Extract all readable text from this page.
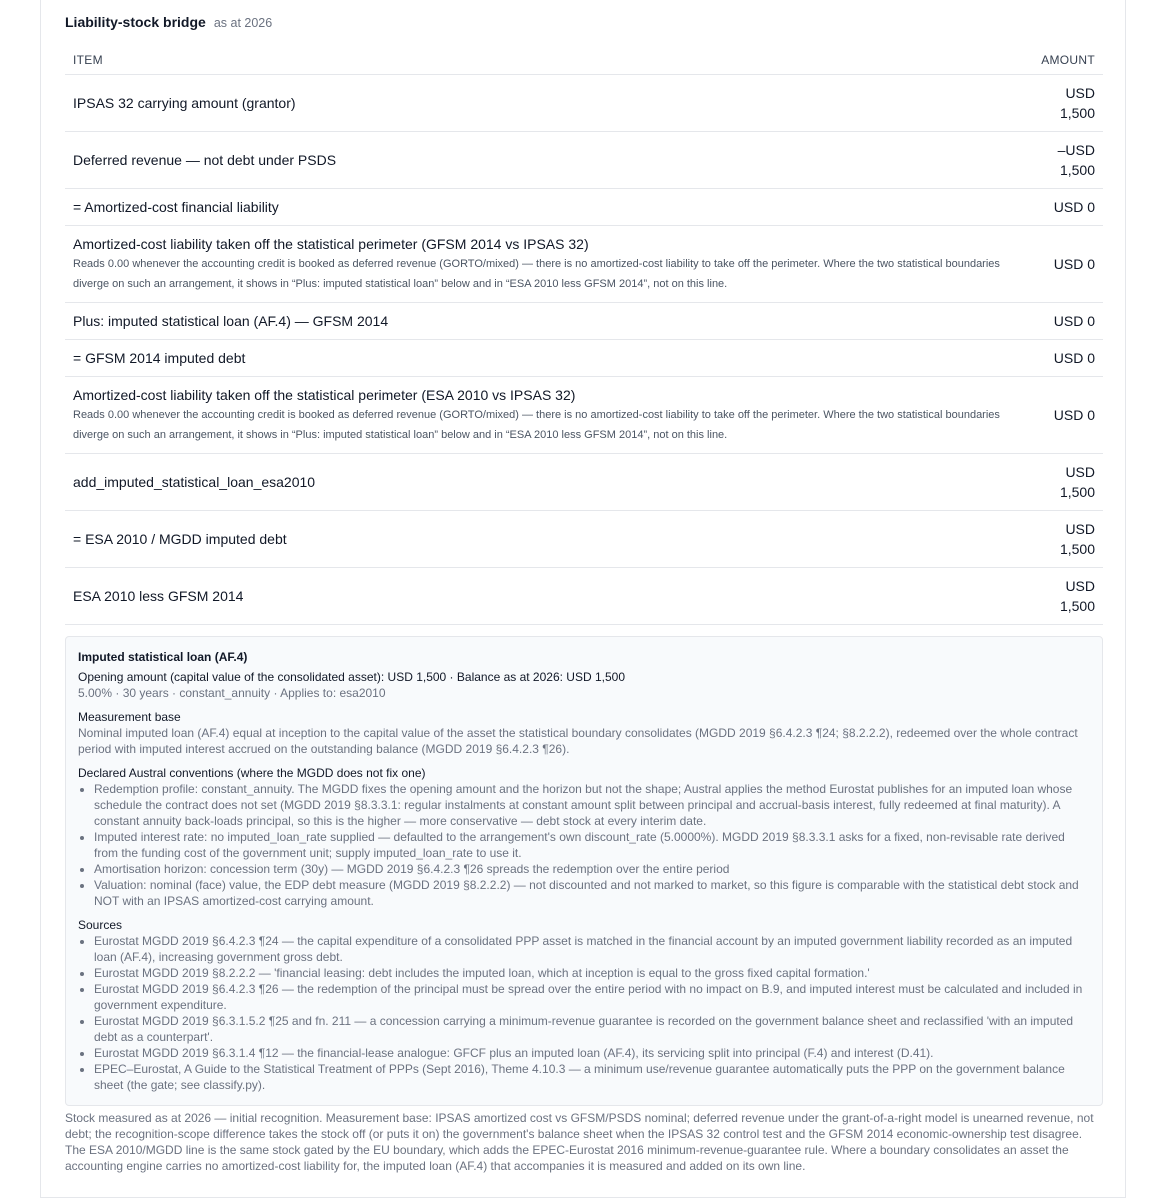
Liability-stock bridge as at 2026
ITEM	AMOUNT

IPSAS 32 carrying amount (grantor)	USD
1,500

Deferred revenue — not debt under PSDS	–USD
1,500

= Amortized-cost financial liability	USD 0

Amortized-cost liability taken off the statistical perimeter (GFSM 2014 vs IPSAS 32)
Reads 0.00 whenever the accounting credit is booked as deferred revenue (GORTO/mixed) — there is no amortized-cost liability to take off the perimeter. Where the two statistical boundaries diverge on such an arrangement, it shows in “Plus: imputed statistical loan” below and in “ESA 2010 less GFSM 2014”, not on this line.	USD 0

Plus: imputed statistical loan (AF.4) — GFSM 2014	USD 0

= GFSM 2014 imputed debt	USD 0

Amortized-cost liability taken off the statistical perimeter (ESA 2010 vs IPSAS 32)
Reads 0.00 whenever the accounting credit is booked as deferred revenue (GORTO/mixed) — there is no amortized-cost liability to take off the perimeter. Where the two statistical boundaries diverge on such an arrangement, it shows in “Plus: imputed statistical loan” below and in “ESA 2010 less GFSM 2014”, not on this line.	USD 0

add_imputed_statistical_loan_esa2010	USD
1,500

= ESA 2010 / MGDD imputed debt	USD
1,500

ESA 2010 less GFSM 2014	USD
1,500
Imputed statistical loan (AF.4)
Opening amount (capital value of the consolidated asset): USD 1,500 · Balance as at 2026: USD 1,500
5.00% · 30 years · constant_annuity · Applies to: esa2010
Measurement base
Nominal imputed loan (AF.4) equal at inception to the capital value of the asset the statistical boundary consolidates (MGDD 2019 §6.4.2.3 ¶24; §8.2.2.2), redeemed over the whole contract period with imputed interest accrued on the outstanding balance (MGDD 2019 §6.4.2.3 ¶26).
Declared Austral conventions (where the MGDD does not fix one)
• Redemption profile: constant_annuity. The MGDD fixes the opening amount and the horizon but not the shape; Austral applies the method Eurostat publishes for an imputed loan whose schedule the contract does not set (MGDD 2019 §8.3.3.1: regular instalments at constant amount split between principal and accrual-basis interest, fully redeemed at final maturity). A constant annuity back-loads principal, so this is the higher — more conservative — debt stock at every interim date.
• Imputed interest rate: no imputed_loan_rate supplied — defaulted to the arrangement's own discount_rate (5.0000%). MGDD 2019 §8.3.3.1 asks for a fixed, non-revisable rate derived from the funding cost of the government unit; supply imputed_loan_rate to use it.
• Amortisation horizon: concession term (30y) — MGDD 2019 §6.4.2.3 ¶26 spreads the redemption over the entire period
• Valuation: nominal (face) value, the EDP debt measure (MGDD 2019 §8.2.2.2) — not discounted and not marked to market, so this figure is comparable with the statistical debt stock and NOT with an IPSAS amortized-cost carrying amount.
Sources
• Eurostat MGDD 2019 §6.4.2.3 ¶24 — the capital expenditure of a consolidated PPP asset is matched in the financial account by an imputed government liability recorded as an imputed loan (AF.4), increasing government gross debt.
• Eurostat MGDD 2019 §8.2.2.2 — 'financial leasing: debt includes the imputed loan, which at inception is equal to the gross fixed capital formation.'
• Eurostat MGDD 2019 §6.4.2.3 ¶26 — the redemption of the principal must be spread over the entire period with no impact on B.9, and imputed interest must be calculated and included in government expenditure.
• Eurostat MGDD 2019 §6.3.1.5.2 ¶25 and fn. 211 — a concession carrying a minimum-revenue guarantee is recorded on the government balance sheet and reclassified 'with an imputed debt as a counterpart'.
• Eurostat MGDD 2019 §6.3.1.4 ¶12 — the financial-lease analogue: GFCF plus an imputed loan (AF.4), its servicing split into principal (F.4) and interest (D.41).
• EPEC–Eurostat, A Guide to the Statistical Treatment of PPPs (Sept 2016), Theme 4.10.3 — a minimum use/revenue guarantee automatically puts the PPP on the government balance sheet (the gate; see classify.py).
Stock measured as at 2026 — initial recognition. Measurement base: IPSAS amortized cost vs GFSM/PSDS nominal; deferred revenue under the grant-of-a-right model is unearned revenue, not debt; the recognition-scope difference takes the stock off (or puts it on) the government's balance sheet when the IPSAS 32 control test and the GFSM 2014 economic-ownership test disagree. The ESA 2010/MGDD line is the same stock gated by the EU boundary, which adds the EPEC-Eurostat 2016 minimum-revenue-guarantee rule. Where a boundary consolidates an asset the accounting engine carries no amortized-cost liability for, the imputed loan (AF.4) that accompanies it is measured and added on its own line.
